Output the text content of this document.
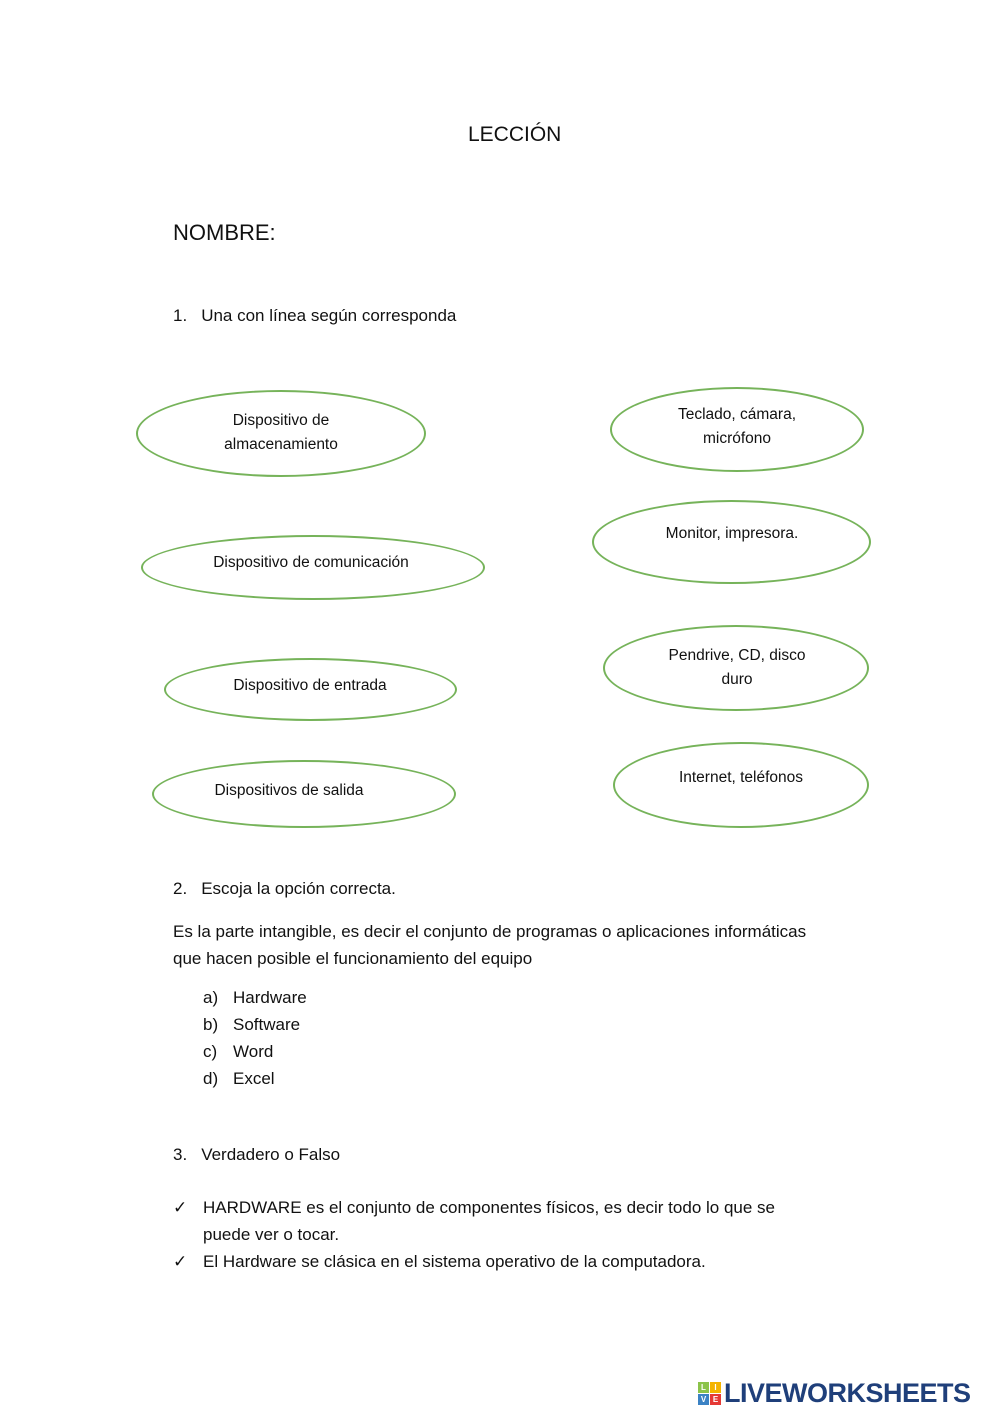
LECCIÓN
NOMBRE:
1. Una con línea según corresponda
Dispositivo de
almacenamiento
Dispositivo de comunicación
Dispositivo de entrada
Dispositivos de salida
Teclado, cámara,
micrófono
Monitor, impresora.
Pendrive, CD, disco
duro
Internet, teléfonos
2. Escoja la opción correcta.
Es la parte intangible, es decir el conjunto de programas o aplicaciones informáticas
que hacen posible el funcionamiento del equipo
a) Hardware
b) Software
c) Word
d) Excel
3. Verdadero o Falso
✓ HARDWARE es el conjunto de componentes físicos, es decir todo lo que se
puede ver o tocar.
✓ El Hardware se clásica en el sistema operativo de la computadora.
L	I
V E LIVEWORKSHEETS
